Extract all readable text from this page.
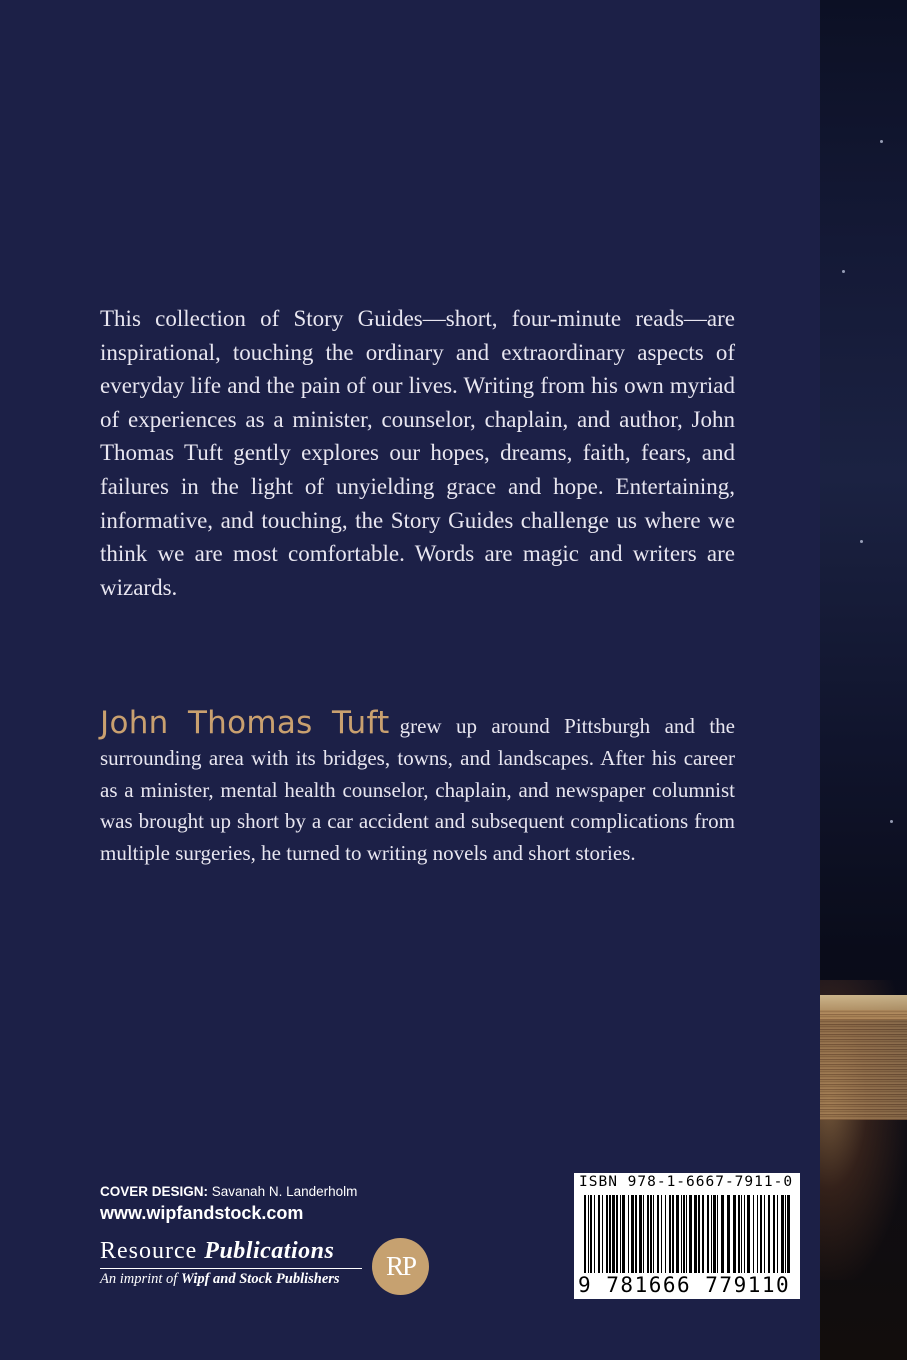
This collection of Story Guides—short, four-minute reads—are inspirational, touching the ordinary and extraordinary aspects of everyday life and the pain of our lives. Writing from his own myriad of experiences as a minister, counselor, chaplain, and author, John Thomas Tuft gently explores our hopes, dreams, faith, fears, and failures in the light of unyielding grace and hope. Entertaining, informative, and touching, the Story Guides challenge us where we think we are most comfortable. Words are magic and writers are wizards.

John Thomas Tuft grew up around Pittsburgh and the surrounding area with its bridges, towns, and landscapes. After his career as a minister, mental health counselor, chaplain, and newspaper columnist was brought up short by a car accident and subsequent complications from multiple surgeries, he turned to writing novels and short stories.

COVER DESIGN: Savanah N. Landerholm
www.wipfandstock.com
Resource Publications
An imprint of Wipf and Stock Publishers	RP
ISBN 978-1-6667-7911-0
9 781666 779110
